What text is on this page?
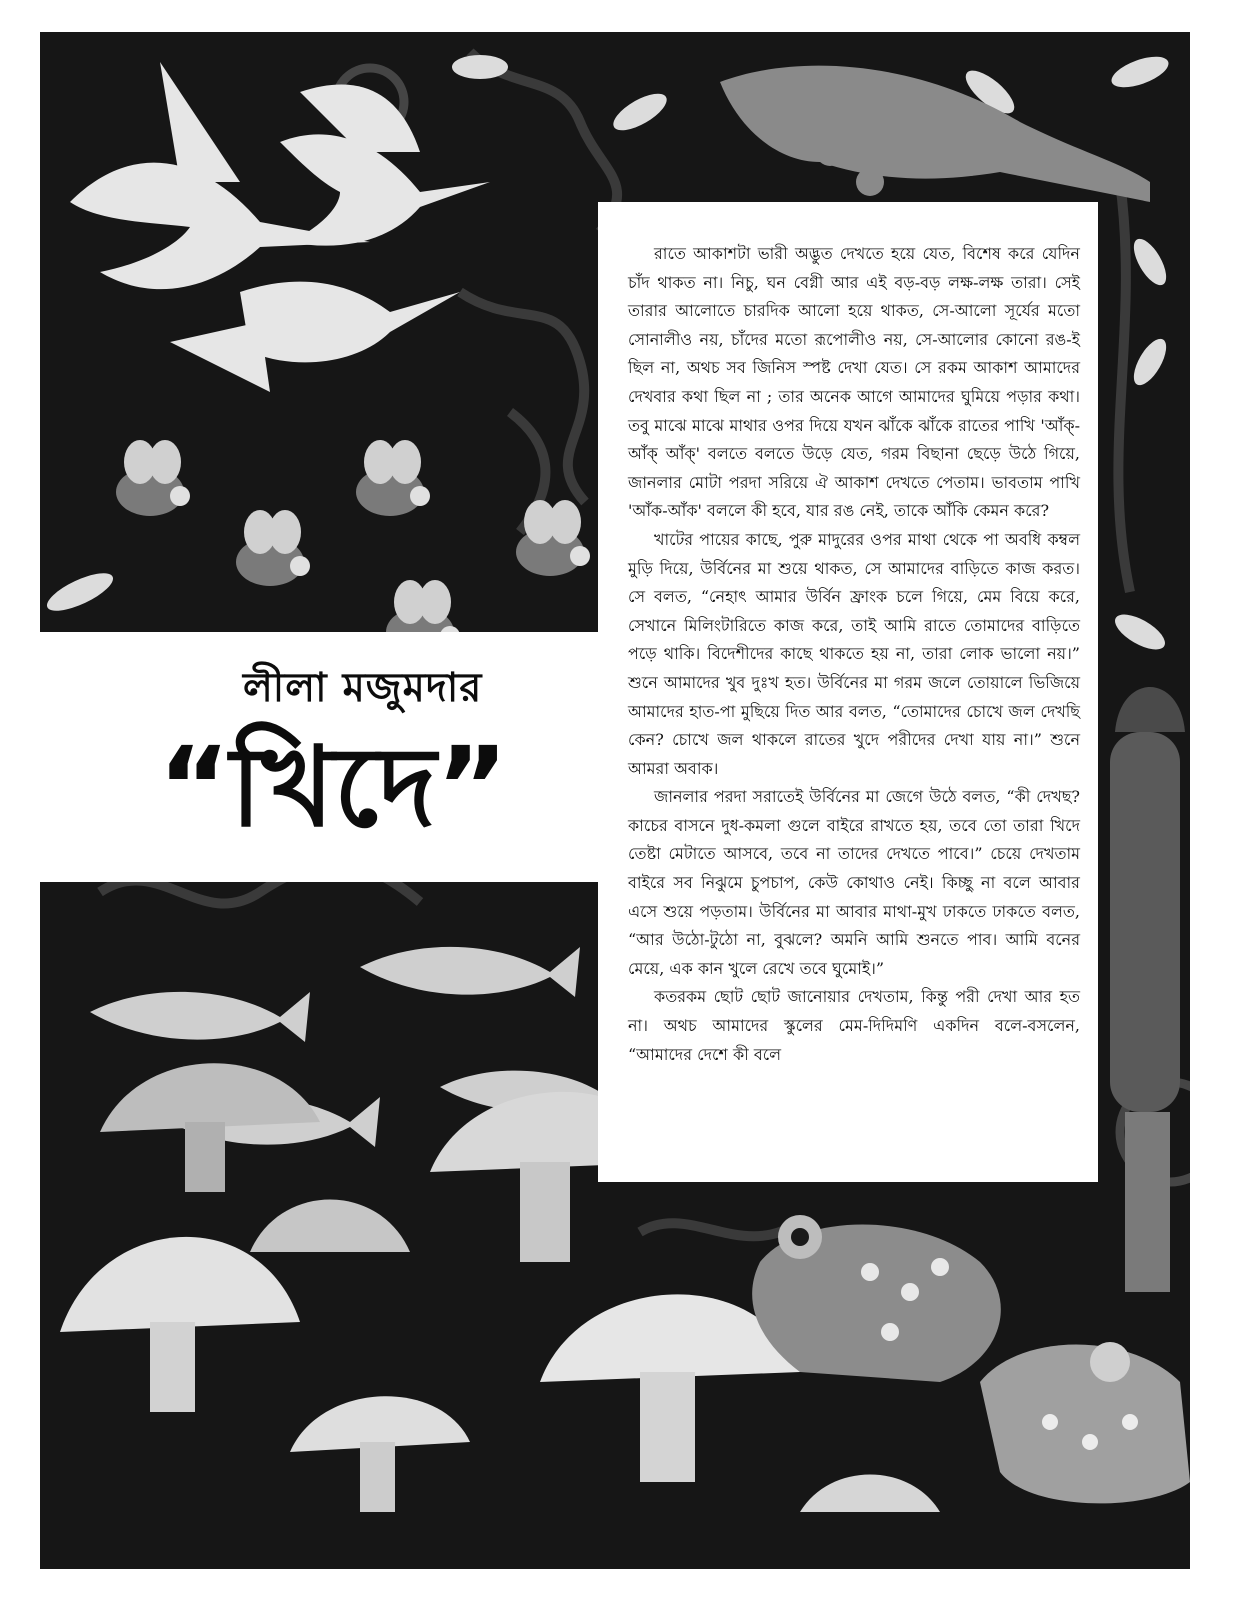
লীলা মজুমদার
“খিদে”

রাতে আকাশটা ভারী অদ্ভুত দেখতে হয়ে যেত, বিশেষ করে যেদিন চাঁদ থাকত না। নিচু, ঘন বেগ্নী আর এই বড়-বড় লক্ষ-লক্ষ তারা। সেই তারার আলোতে চারদিক আলো হয়ে থাকত, সে-আলো সূর্যের মতো সোনালীও নয়, চাঁদের মতো রূপোলীও নয়, সে-আলোর কোনো রঙ-ই ছিল না, অথচ সব জিনিস স্পষ্ট দেখা যেত। সে রকম আকাশ আমাদের দেখবার কথা ছিল না ; তার অনেক আগে আমাদের ঘুমিয়ে পড়ার কথা। তবু মাঝে মাঝে মাথার ওপর দিয়ে যখন ঝাঁকে ঝাঁকে রাতের পাখি 'আঁক্-আঁক্ আঁক্' বলতে বলতে উড়ে যেত, গরম বিছানা ছেড়ে উঠে গিয়ে, জানলার মোটা পরদা সরিয়ে ঐ আকাশ দেখতে পেতাম। ভাবতাম পাখি 'আঁক-আঁক' বললে কী হবে, যার রঙ নেই, তাকে আঁকি কেমন করে?

খাটের পায়ের কাছে, পুরু মাদুরের ওপর মাথা থেকে পা অবধি কম্বল মুড়ি দিয়ে, উর্বিনের মা শুয়ে থাকত, সে আমাদের বাড়িতে কাজ করত। সে বলত, “নেহাৎ আমার উর্বিন ফ্রাংক চলে গিয়ে, মেম বিয়ে করে, সেখানে মিলিংটারিতে কাজ করে, তাই আমি রাতে তোমাদের বাড়িতে পড়ে থাকি। বিদেশীদের কাছে থাকতে হয় না, তারা লোক ভালো নয়।” শুনে আমাদের খুব দুঃখ হত। উর্বিনের মা গরম জলে তোয়ালে ভিজিয়ে আমাদের হাত-পা মুছিয়ে দিত আর বলত, “তোমাদের চোখে জল দেখছি কেন? চোখে জল থাকলে রাতের খুদে পরীদের দেখা যায় না।” শুনে আমরা অবাক।

জানলার পরদা সরাতেই উর্বিনের মা জেগে উঠে বলত, “কী দেখছ? কাচের বাসনে দুধ-কমলা গুলে বাইরে রাখতে হয়, তবে তো তারা খিদে তেষ্টা মেটাতে আসবে, তবে না তাদের দেখতে পাবে।” চেয়ে দেখতাম বাইরে সব নিঝুমে চুপচাপ, কেউ কোথাও নেই। কিচ্ছু না বলে আবার এসে শুয়ে পড়তাম। উর্বিনের মা আবার মাথা-মুখ ঢাকতে ঢাকতে বলত, “আর উঠো-টুঠো না, বুঝলে? অমনি আমি শুনতে পাব। আমি বনের মেয়ে, এক কান খুলে রেখে তবে ঘুমোই।”

কতরকম ছোট ছোট জানোয়ার দেখতাম, কিন্তু পরী দেখা আর হত না। অথচ আমাদের স্কুলের মেম-দিদিমণি একদিন বলে-বসলেন, “আমাদের দেশে কী বলে
